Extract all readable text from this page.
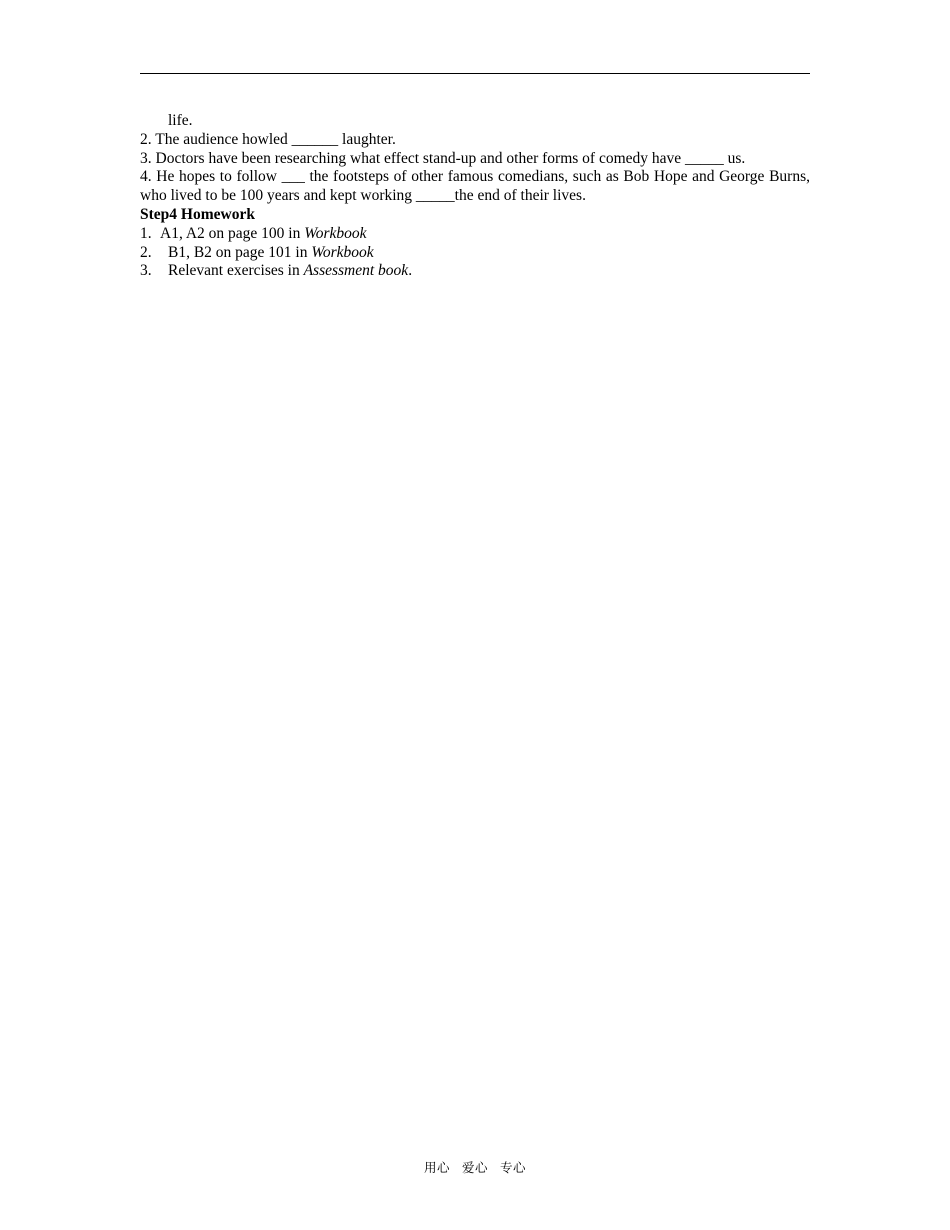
life.

2. The audience howled ______ laughter.

3. Doctors have been researching what effect stand-up and other forms of comedy have _____ us.

4. He hopes to follow ___ the footsteps of other famous comedians, such as Bob Hope and George Burns, who lived to be 100 years and kept working _____the end of their lives.

Step4 Homework

1. A1, A2 on page 100 in Workbook
2.	B1, B2 on page 101 in Workbook
3.	Relevant exercises in Assessment book .
用心 爱心 专心
